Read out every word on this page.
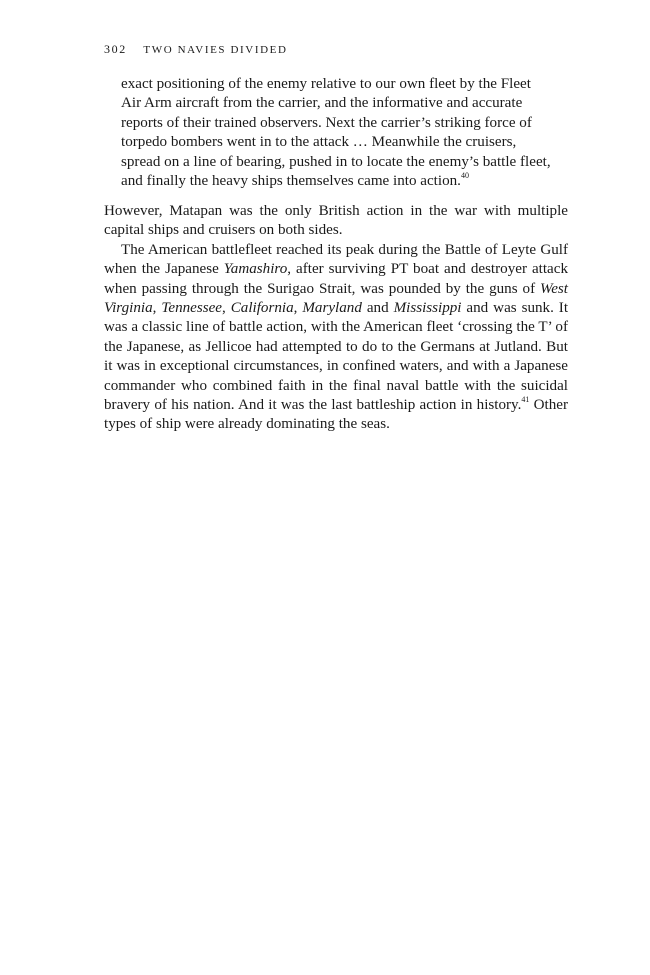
302 TWO NAVIES DIVIDED
exact positioning of the enemy relative to our own fleet by the Fleet Air Arm aircraft from the carrier, and the informative and accurate reports of their trained observers. Next the carrier’s striking force of torpedo bombers went in to the attack … Meanwhile the cruisers, spread on a line of bearing, pushed in to locate the enemy’s battle fleet, and finally the heavy ships themselves came into action.$^{40}$

However, Matapan was the only British action in the war with multiple capital ships and cruisers on both sides.

The American battlefleet reached its peak during the Battle of Leyte Gulf when the Japanese Yamashiro, after surviving PT boat and destroyer attack when passing through the Surigao Strait, was pounded by the guns of West Virginia, Tennessee, California, Maryland and Mississippi and was sunk. It was a classic line of battle action, with the American fleet ‘crossing the T’ of the Japanese, as Jellicoe had attempted to do to the Germans at Jutland. But it was in exceptional circumstances, in confined waters, and with a Japanese commander who combined faith in the final naval battle with the suicidal bravery of his nation. And it was the last battleship action in history.$^{41}$ Other types of ship were already dominating the seas.
